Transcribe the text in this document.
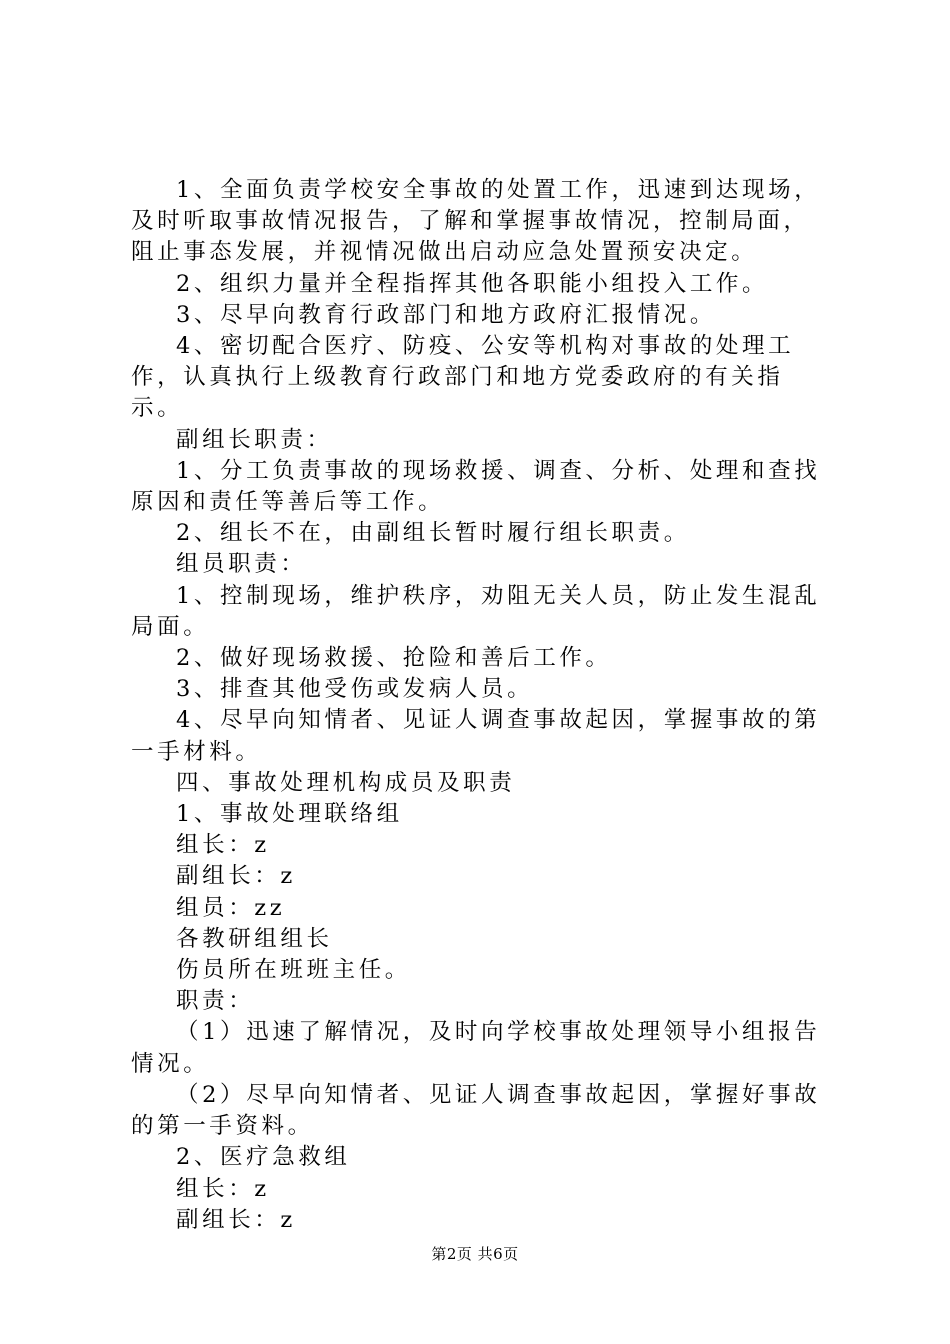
1、全面负责学校安全事故的处置工作，迅速到达现场，及时听取事故情况报告，了解和掌握事故情况，控制局面，阻止事态发展，并视情况做出启动应急处置预安决定。

2、组织力量并全程指挥其他各职能小组投入工作。

3、尽早向教育行政部门和地方政府汇报情况。

4、密切配合医疗、防疫、公安等机构对事故的处理工作，认真执行上级教育行政部门和地方党委政府的有关指示。

副组长职责：

1、分工负责事故的现场救援、调查、分析、处理和查找原因和责任等善后等工作。

2、组长不在，由副组长暂时履行组长职责。

组员职责：

1、控制现场，维护秩序，劝阻无关人员，防止发生混乱局面。

2、做好现场救援、抢险和善后工作。

3、排查其他受伤或发病人员。

4、尽早向知情者、见证人调查事故起因，掌握事故的第一手材料。

四、事故处理机构成员及职责

1、事故处理联络组

组长：z

副组长：z

组员：zz

各教研组组长

伤员所在班班主任。

职责：

（1）迅速了解情况，及时向学校事故处理领导小组报告情况。

（2）尽早向知情者、见证人调查事故起因，掌握好事故的第一手资料。

2、医疗急救组

组长：z

副组长：z

第2页 共6页
